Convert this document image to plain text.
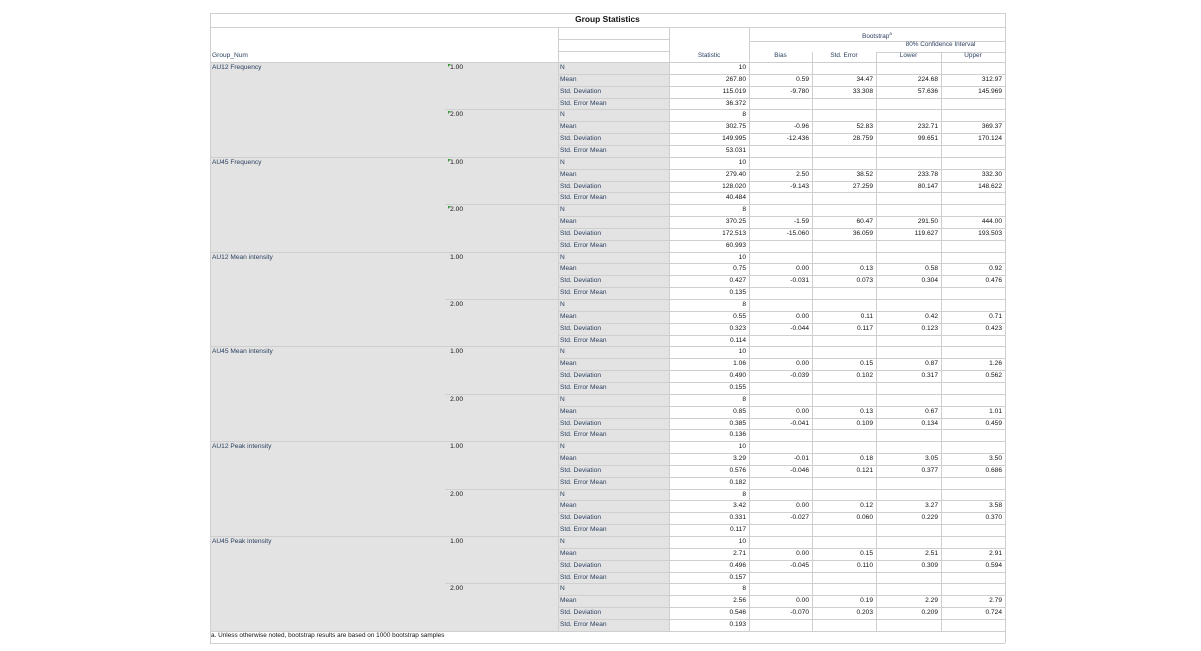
Group Statistics
a. Unless otherwise noted, bootstrap results are based on 1000 bootstrap samples
Group_Num	Statistic
Bootstrap$^a$
80% Confidence Interval
Bias	Std. Error	Lower	Upper
AU12 Frequency	1.00	N	10
Mean	267.80	0.59	34.47	224.68	312.97
Std. Deviation	115.019	-9.780	33.308	57.636	145.969
Std. Error Mean	36.372
2.00	N	8
Mean	302.75	-0.96	52.83	232.71	369.37
Std. Deviation	149.995	-12.436	28.759	99.651	170.124
Std. Error Mean	53.031
AU45 Frequency	1.00	N	10
Mean	279.40	2.50	38.52	233.78	332.30
Std. Deviation	128.020	-9.143	27.259	80.147	148.622
Std. Error Mean	40.484
2.00	N	8
Mean	370.25	-1.59	60.47	291.50	444.00
Std. Deviation	172.513	-15.060	36.059	119.627	193.503
Std. Error Mean	60.993
AU12 Mean intensity	1.00	N	10
Mean	0.75	0.00	0.13	0.58	0.92
Std. Deviation	0.427	-0.031	0.073	0.304	0.476
Std. Error Mean	0.135
2.00	N	8
Mean	0.55	0.00	0.11	0.42	0.71
Std. Deviation	0.323	-0.044	0.117	0.123	0.423
Std. Error Mean	0.114
AU45 Mean intensity	1.00	N	10
Mean	1.06	0.00	0.15	0.87	1.26
Std. Deviation	0.490	-0.039	0.102	0.317	0.562
Std. Error Mean	0.155
2.00	N	8
Mean	0.85	0.00	0.13	0.67	1.01
Std. Deviation	0.385	-0.041	0.109	0.134	0.459
Std. Error Mean	0.136
AU12 Peak intensity	1.00	N	10
Mean	3.29	-0.01	0.18	3.05	3.50
Std. Deviation	0.576	-0.046	0.121	0.377	0.686
Std. Error Mean	0.182
2.00	N	8
Mean	3.42	0.00	0.12	3.27	3.58
Std. Deviation	0.331	-0.027	0.060	0.229	0.370
Std. Error Mean	0.117
AU45 Peak intensity	1.00	N	10
Mean	2.71	0.00	0.15	2.51	2.91
Std. Deviation	0.496	-0.045	0.110	0.309	0.594
Std. Error Mean	0.157
2.00	N	8
Mean	2.56	0.00	0.19	2.29	2.79
Std. Deviation	0.546	-0.070	0.203	0.209	0.724
Std. Error Mean	0.193
